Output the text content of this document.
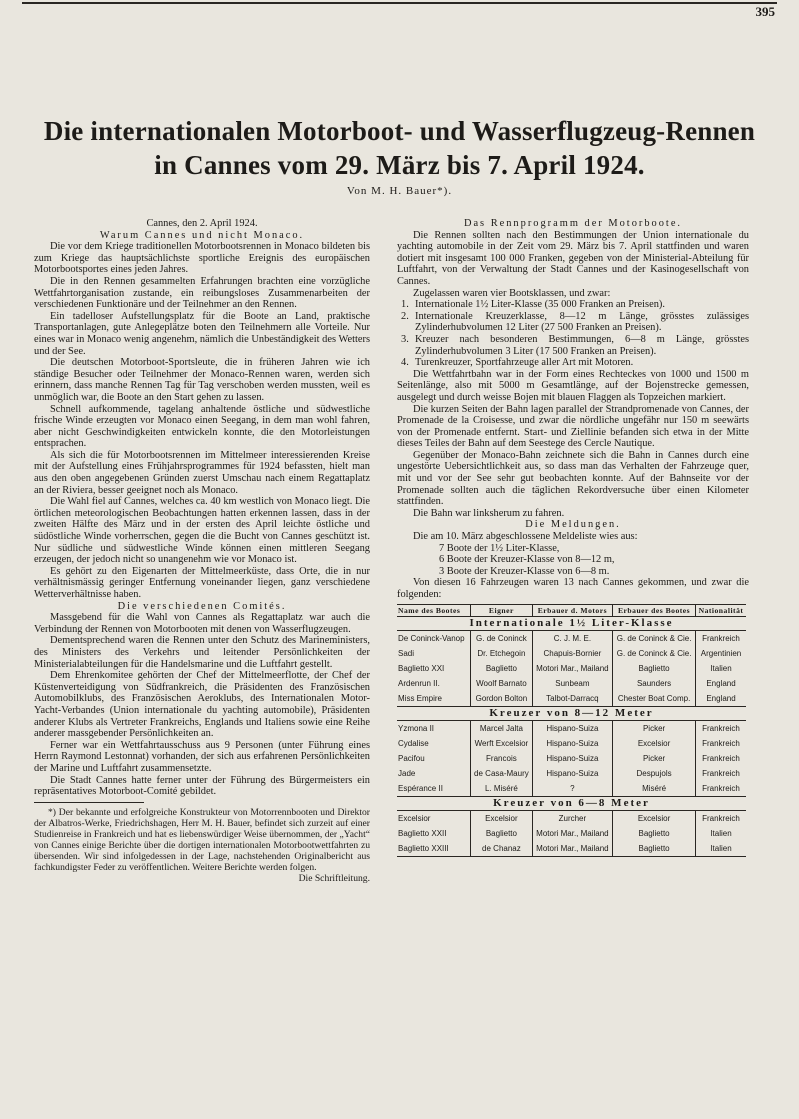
395
Die internationalen Motorboot- und Wasserflugzeug-Rennen
in Cannes vom 29. März bis 7. April 1924.
Von M. H. Bauer*).

Cannes, den 2. April 1924.

Warum Cannes und nicht Monaco.

Die vor dem Kriege traditionellen Motorbootsrennen in Monaco bildeten bis zum Kriege das hauptsächlichste sportliche Ereignis des europäischen Motorbootsportes eines jeden Jahres.

Die in den Rennen gesammelten Erfahrungen brachten eine vorzügliche Wettfahrtorganisation zustande, ein reibungsloses Zusammenarbeiten der verschiedenen Funktionäre und der Teilnehmer an den Rennen.

Ein tadelloser Aufstellungsplatz für die Boote an Land, praktische Transportanlagen, gute Anlegeplätze boten den Teilnehmern alle Vorteile. Nur eines war in Monaco wenig angenehm, nämlich die Unbeständigkeit des Wetters und der See.

Die deutschen Motorboot-Sportsleute, die in früheren Jahren wie ich ständige Besucher oder Teilnehmer der Monaco-Rennen waren, werden sich erinnern, dass manche Rennen Tag für Tag verschoben werden mussten, weil es unmöglich war, die Boote an den Start gehen zu lassen.

Schnell aufkommende, tagelang anhaltende östliche und südwestliche frische Winde erzeugten vor Monaco einen Seegang, in dem man wohl fahren, aber nicht Geschwindigkeiten entwickeln konnte, die den Motorleistungen entsprachen.

Als sich die für Motorbootsrennen im Mittelmeer interessierenden Kreise mit der Aufstellung eines Frühjahrsprogrammes für 1924 befassten, hielt man aus den oben angegebenen Gründen zuerst Umschau nach einem Regattaplatz an der Riviera, besser geeignet noch als Monaco.

Die Wahl fiel auf Cannes, welches ca. 40 km westlich von Monaco liegt. Die örtlichen meteorologischen Beobachtungen hatten erkennen lassen, dass in der zweiten Hälfte des März und in der ersten des April leichte östliche und südöstliche Winde vorherrschen, gegen die die Bucht von Cannes geschützt ist. Nur südliche und südwestliche Winde können einen mittleren Seegang erzeugen, der jedoch nicht so unangenehm wie vor Monaco ist.

Es gehört zu den Eigenarten der Mittelmeerküste, dass Orte, die in nur verhältnismässig geringer Entfernung voneinander liegen, ganz verschiedene Wetterverhältnisse haben.

Die verschiedenen Comités.

Massgebend für die Wahl von Cannes als Regattaplatz war auch die Verbindung der Rennen von Motorbooten mit denen von Wasserflugzeugen.

Dementsprechend waren die Rennen unter den Schutz des Marineministers, des Ministers des Verkehrs und leitender Persönlichkeiten der Ministerialabteilungen für die Handelsmarine und die Luftfahrt gestellt.

Dem Ehrenkomitee gehörten der Chef der Mittelmeerflotte, der Chef der Küstenverteidigung von Südfrankreich, die Präsidenten des Französischen Automobilklubs, des Französischen Aeroklubs, des Internationalen Motor-Yacht-Verbandes (Union internationale du yachting automobile), Präsidenten anderer Klubs als Vertreter Frankreichs, Englands und Italiens sowie eine Reihe anderer massgebender Persönlichkeiten an.

Ferner war ein Wettfahrtausschuss aus 9 Personen (unter Führung eines Herrn Raymond Lestonnat) vorhanden, der sich aus erfahrenen Persönlichkeiten der Marine und Luftfahrt zusammensetzte.

Die Stadt Cannes hatte ferner unter der Führung des Bürgermeisters ein repräsentatives Motorboot-Comité gebildet.

*) Der bekannte und erfolgreiche Konstrukteur von Motorrennbooten und Direktor der Albatros-Werke, Friedrichshagen, Herr M. H. Bauer, befindet sich zurzeit auf einer Studienreise in Frankreich und hat es liebenswürdiger Weise übernommen, der „Yacht“ von Cannes einige Berichte über die dortigen internationalen Motorbootwettfahrten zu übersenden. Wir sind infolgedessen in der Lage, nachstehenden Originalbericht aus fachkundigster Feder zu veröffentlichen. Weitere Berichte werden folgen.

Die Schriftleitung.

Das Rennprogramm der Motorboote.

Die Rennen sollten nach den Bestimmungen der Union internationale du yachting automobile in der Zeit vom 29. März bis 7. April stattfinden und waren dotiert mit insgesamt 100 000 Franken, gegeben von der Ministerial-Abteilung für Luftfahrt, von der Verwaltung der Stadt Cannes und der Kasinogesellschaft von Cannes.

Zugelassen waren vier Bootsklassen, und zwar:

1. Internationale 1½ Liter-Klasse (35 000 Franken an Preisen).

2. Internationale Kreuzerklasse, 8—12 m Länge, grösstes zulässiges Zylinderhubvolumen 12 Liter (27 500 Franken an Preisen).

3. Kreuzer nach besonderen Bestimmungen, 6—8 m Länge, grösstes Zylinderhubvolumen 3 Liter (17 500 Franken an Preisen).

4. Turenkreuzer, Sportfahrzeuge aller Art mit Motoren.

Die Wettfahrtbahn war in der Form eines Rechteckes von 1000 und 1500 m Seitenlänge, also mit 5000 m Gesamtlänge, auf der Bojenstrecke gemessen, ausgelegt und durch weisse Bojen mit blauen Flaggen als Topzeichen markiert.

Die kurzen Seiten der Bahn lagen parallel der Strandpromenade von Cannes, der Promenade de la Croisesse, und zwar die nördliche ungefähr nur 150 m seewärts von der Promenade entfernt. Start- und Ziellinie befanden sich etwa in der Mitte dieses Teiles der Bahn auf dem Seestege des Cercle Nautique.

Gegenüber der Monaco-Bahn zeichnete sich die Bahn in Cannes durch eine ungestörte Uebersichtlichkeit aus, so dass man das Verhalten der Fahrzeuge quer, mit und vor der See sehr gut beobachten konnte. Auf der Bahnseite vor der Promenade sollten auch die täglichen Rekordversuche über einen Kilometer stattfinden.

Die Bahn war linksherum zu fahren.

Die Meldungen.

Die am 10. März abgeschlossene Meldeliste wies aus:

7 Boote der 1½ Liter-Klasse,

6 Boote der Kreuzer-Klasse von 8—12 m,

3 Boote der Kreuzer-Klasse von 6—8 m.

Von diesen 16 Fahrzeugen waren 13 nach Cannes gekommen, und zwar die folgenden:

Name des Bootes	Eigner	Erbauer d. Motors	Erbauer des Bootes	Nationalität
Internationale 1½ Liter-Klasse				
De Coninck-Vanop	G. de Coninck	C. J. M. E.	G. de Coninck & Cie.	Frankreich
Sadi	Dr. Etchegoin	Chapuis-Bornier	G. de Coninck & Cie.	Argentinien
Baglietto XXI	Baglietto	Motori Mar., Mailand	Baglietto	Italien
Ardenrun II.	Woolf Barnato	Sunbeam	Saunders	England
Miss Empire	Gordon Bolton	Talbot-Darracq	Chester Boat Comp.	England
Kreuzer von 8—12 Meter				
Yzmona II	Marcel Jalta	Hispano-Suiza	Picker	Frankreich
Cydalise	Werft Excelsior	Hispano-Suiza	Excelsior	Frankreich
Pacifou	Francois	Hispano-Suiza	Picker	Frankreich
Jade	de Casa-Maury	Hispano-Suiza	Despujols	Frankreich
Espérance II	L. Miséré	?	Miséré	Frankreich
Kreuzer von 6—8 Meter				
Excelsior	Excelsior	Zurcher	Excelsior	Frankreich
Baglietto XXII	Baglietto	Motori Mar., Mailand	Baglietto	Italien
Baglietto XXIII	de Chanaz	Motori Mar., Mailand	Baglietto	Italien
